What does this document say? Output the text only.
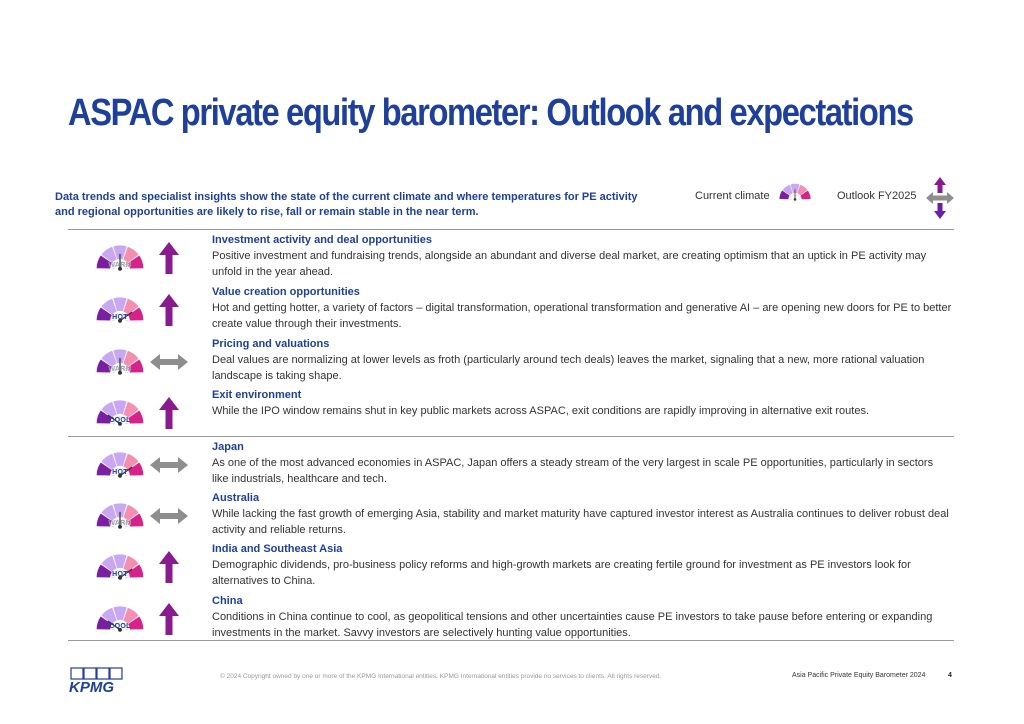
ASPAC private equity barometer: Outlook and expectations
Data trends and specialist insights show the state of the current climate and where temperatures for PE activity and regional opportunities are likely to rise, fall or remain stable in the near term.
Current climate	Outlook FY2025
WARM
Investment activity and deal opportunities
Positive investment and fundraising trends, alongside an abundant and diverse deal market, are creating optimism that an uptick in PE activity may unfold in the year ahead.
HOT
Value creation opportunities
Hot and getting hotter, a variety of factors – digital transformation, operational transformation and generative AI – are opening new doors for PE to better create value through their investments.
WARM
Pricing and valuations
Deal values are normalizing at lower levels as froth (particularly around tech deals) leaves the market, signaling that a new, more rational valuation landscape is taking shape.
COOL
Exit environment
While the IPO window remains shut in key public markets across ASPAC, exit conditions are rapidly improving in alternative exit routes.
HOT
Japan
As one of the most advanced economies in ASPAC, Japan offers a steady stream of the very largest in scale PE opportunities, particularly in sectors like industrials, healthcare and tech.
WARM
Australia
While lacking the fast growth of emerging Asia, stability and market maturity have captured investor interest as Australia continues to deliver robust deal activity and reliable returns.
HOT
India and Southeast Asia
Demographic dividends, pro-business policy reforms and high-growth markets are creating fertile ground for investment as PE investors look for alternatives to China.
COOL
China
Conditions in China continue to cool, as geopolitical tensions and other uncertainties cause PE investors to take pause before entering or expanding investments in the market. Savvy investors are selectively hunting value opportunities.
KPMG
© 2024 Copyright owned by one or more of the KPMG International entities. KPMG International entities provide no services to clients. All rights reserved.	Asia Pacific Private Equity Barometer 2024	4
